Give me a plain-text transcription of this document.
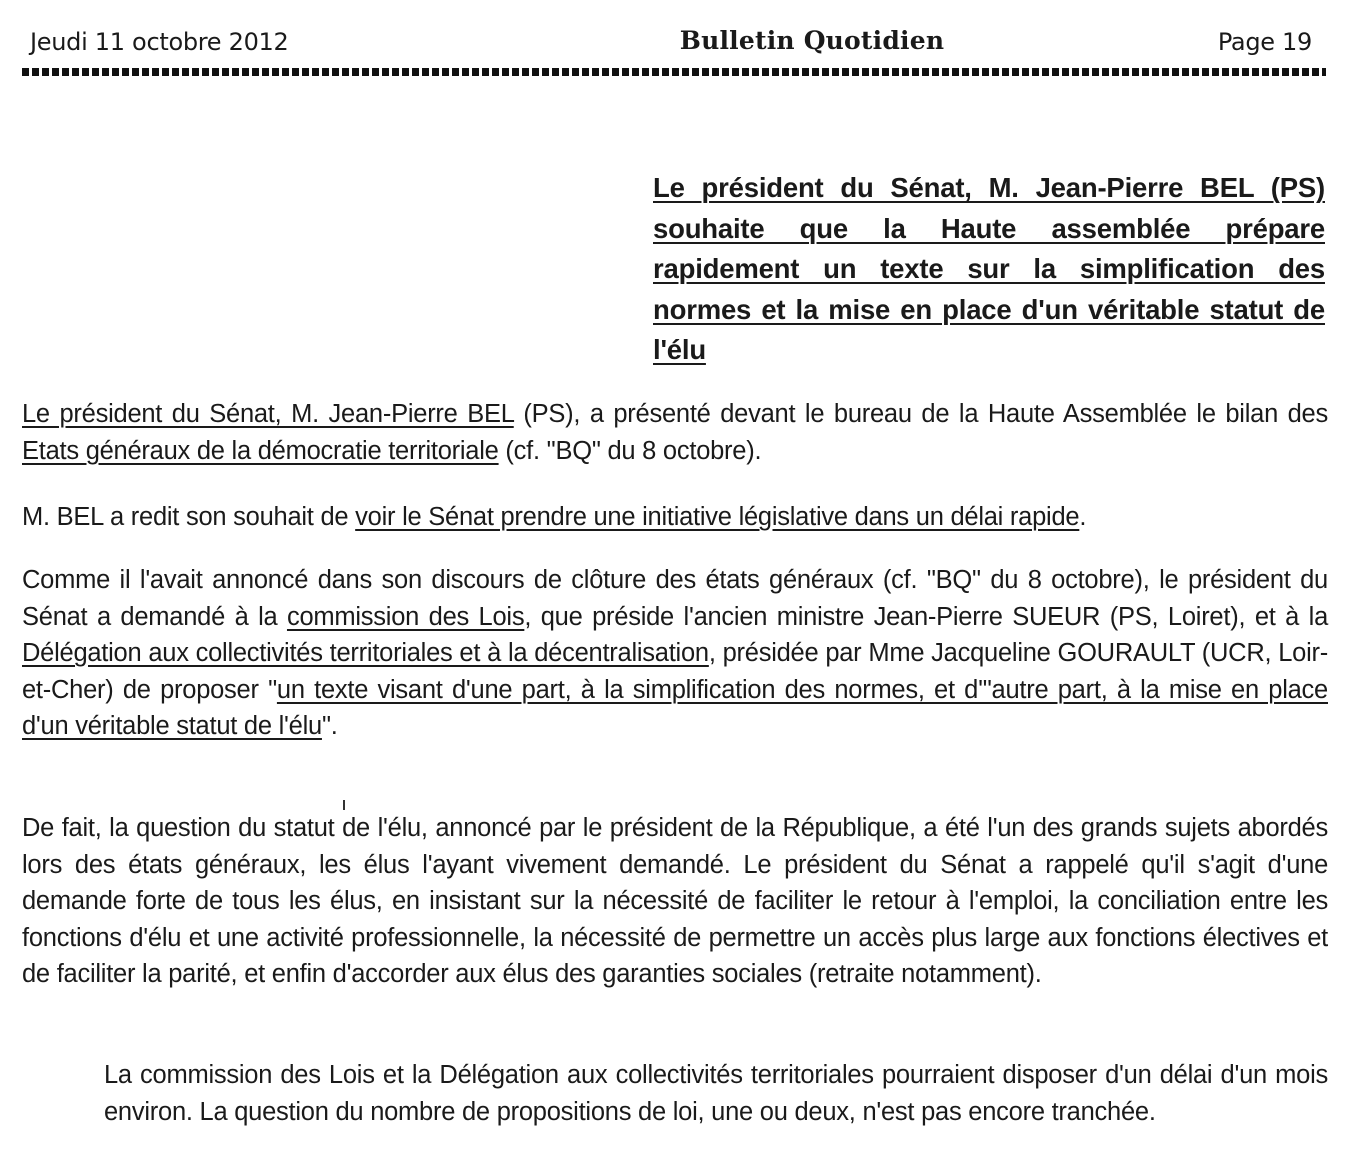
Jeudi 11 octobre 2012	Bulletin Quotidien	Page 19
Le président du Sénat, M. Jean-Pierre BEL (PS) souhaite que la Haute assemblée prépare rapidement un texte sur la simplification des normes et la mise en place d'un véritable statut de l'élu

Le président du Sénat, M. Jean-Pierre BEL (PS), a présenté devant le bureau de la Haute Assemblée le bilan des Etats généraux de la démocratie territoriale (cf. "BQ" du 8 octobre).

M. BEL a redit son souhait de voir le Sénat prendre une initiative législative dans un délai rapide.

Comme il l'avait annoncé dans son discours de clôture des états généraux (cf. "BQ" du 8 octobre), le président du Sénat a demandé à la commission des Lois, que préside l'ancien ministre Jean-Pierre SUEUR (PS, Loiret), et à la Délégation aux collectivités territoriales et à la décentralisation, présidée par Mme Jacqueline GOURAULT (UCR, Loir-et-Cher) de proposer "un texte visant d'une part, à la simplification des normes, et d'"autre part, à la mise en place d'un véritable statut de l'élu".

De fait, la question du statut de l'élu, annoncé par le président de la République, a été l'un des grands sujets abordés lors des états généraux, les élus l'ayant vivement demandé. Le président du Sénat a rappelé qu'il s'agit d'une demande forte de tous les élus, en insistant sur la nécessité de faciliter le retour à l'emploi, la conciliation entre les fonctions d'élu et une activité professionnelle, la nécessité de permettre un accès plus large aux fonctions électives et de faciliter la parité, et enfin d'accorder aux élus des garanties sociales (retraite notamment).

La commission des Lois et la Délégation aux collectivités territoriales pourraient disposer d'un délai d'un mois environ. La question du nombre de propositions de loi, une ou deux, n'est pas encore tranchée.
